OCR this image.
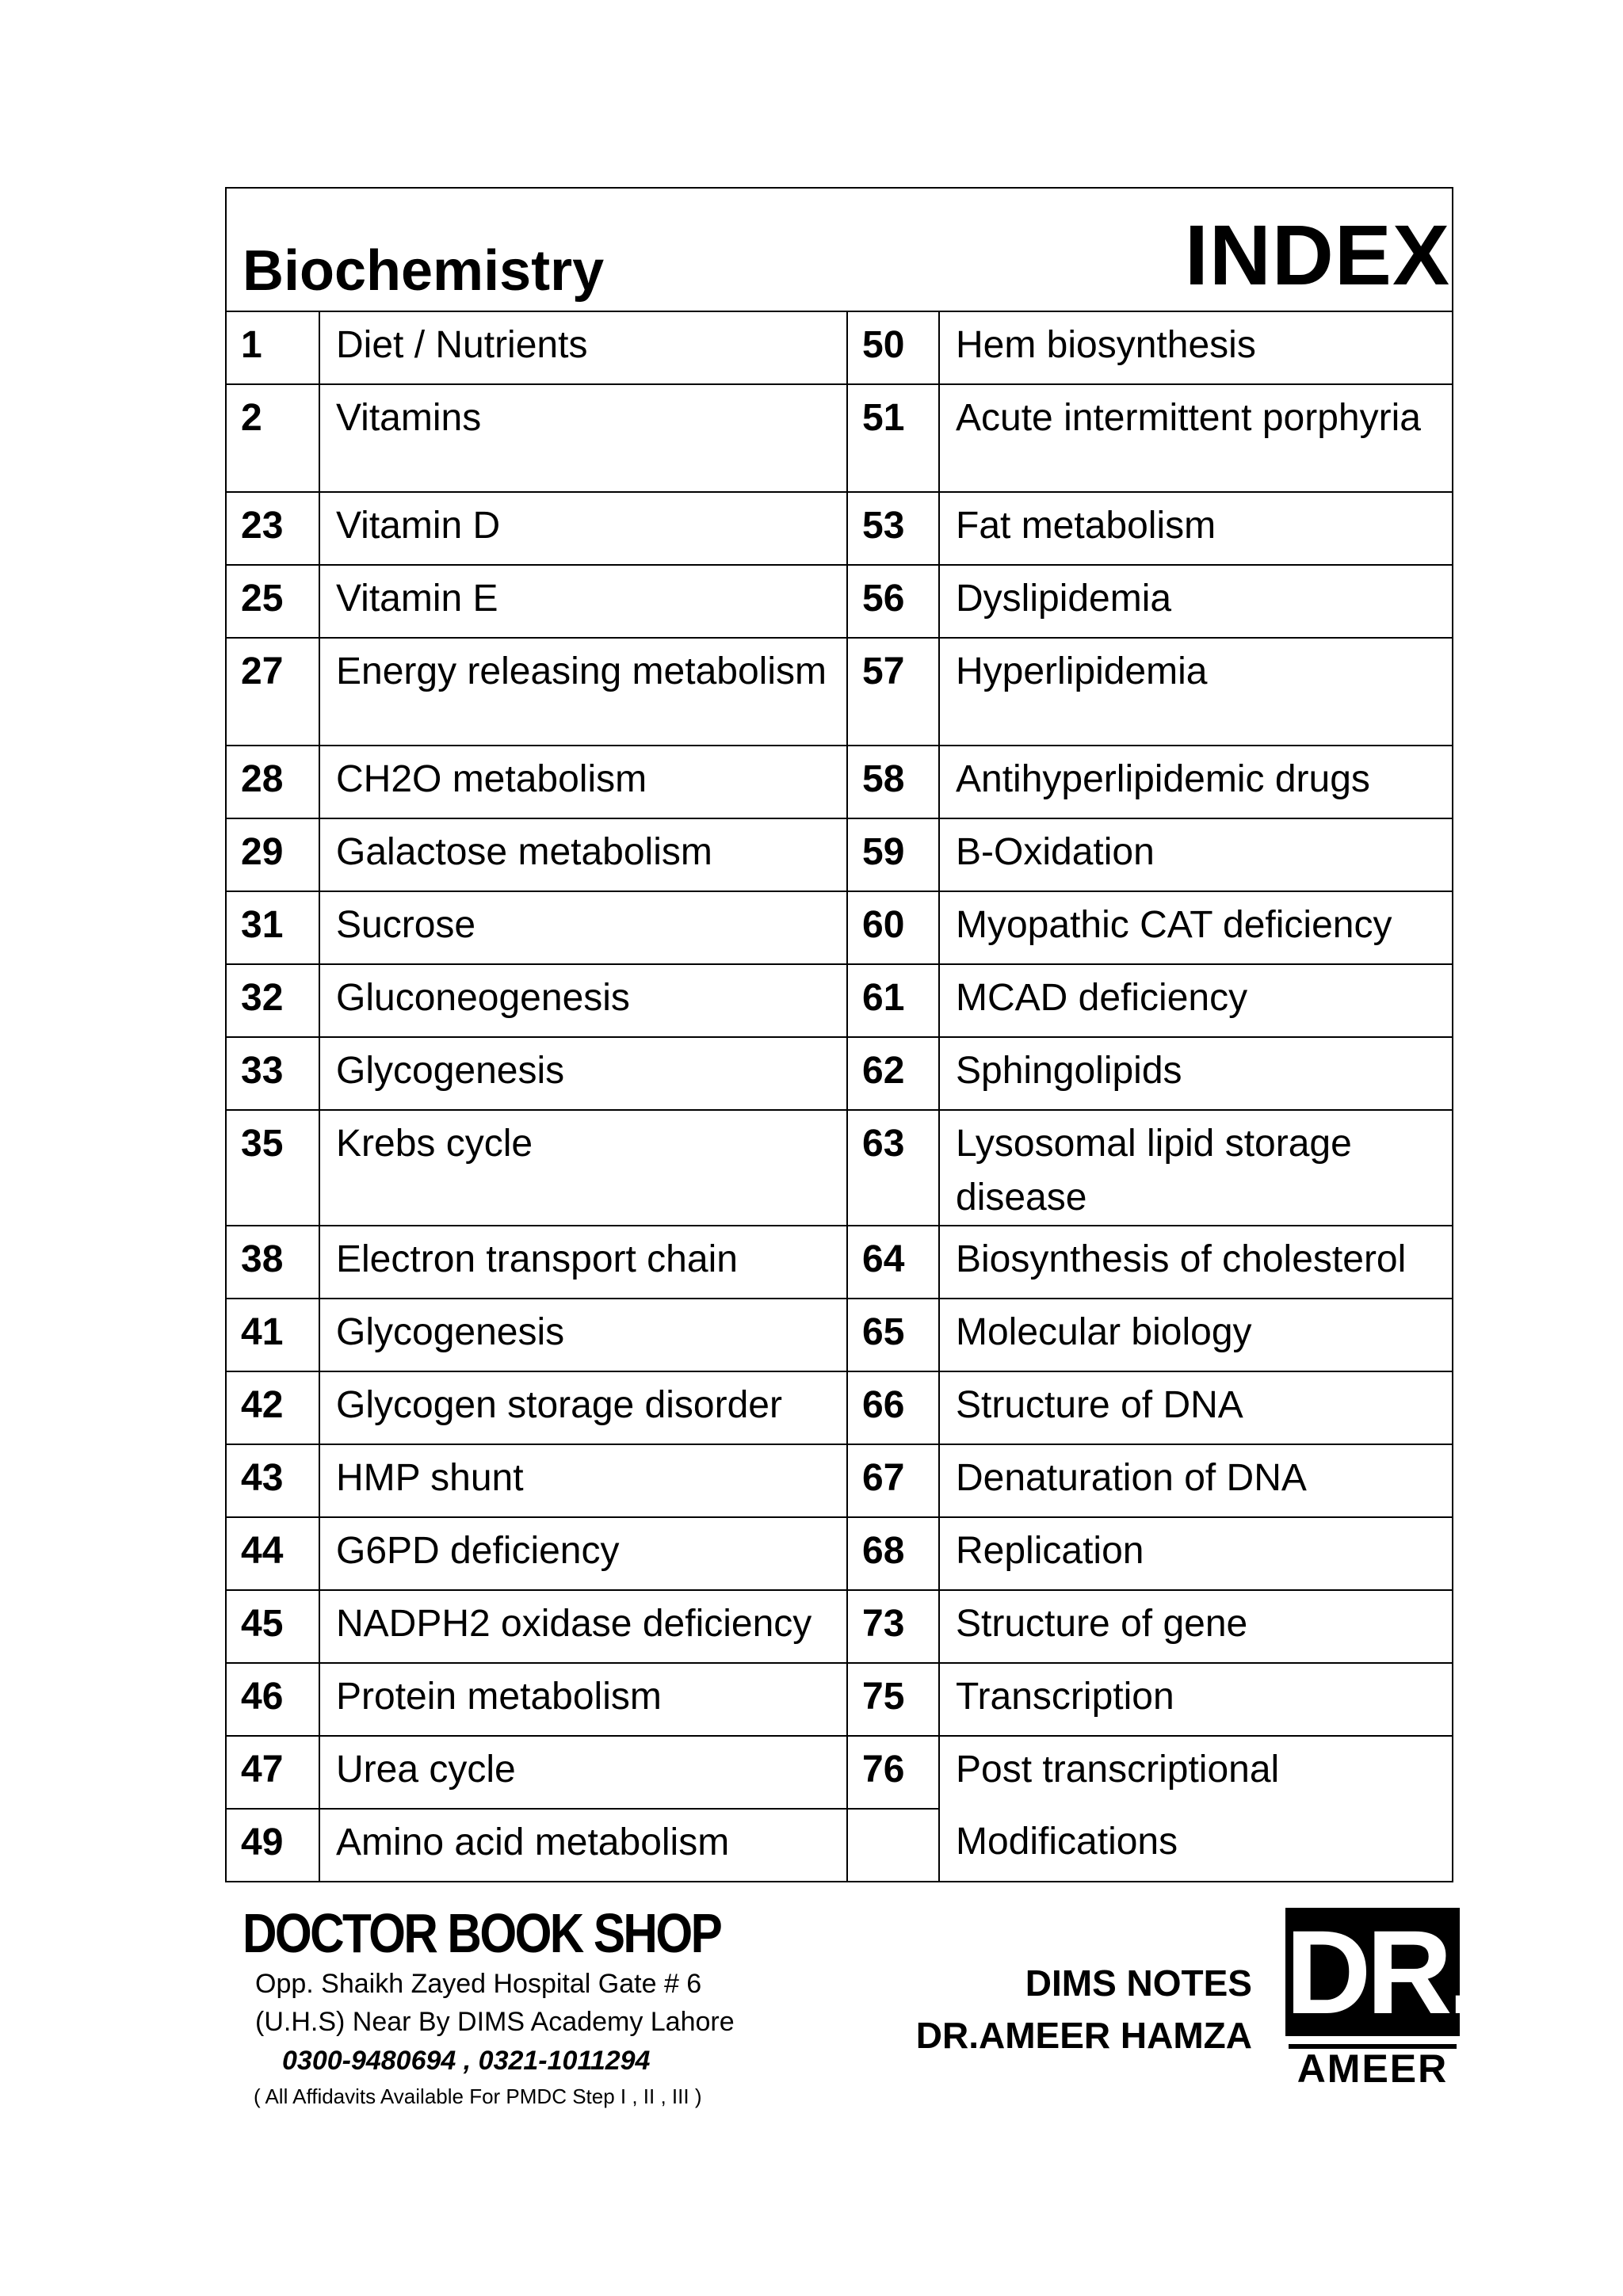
Biochemistry INDEX			

1	Diet / Nutrients	50	Hem biosynthesis
2	Vitamins	51	Acute intermittent porphyria
23	Vitamin D	53	Fat metabolism
25	Vitamin E	56	Dyslipidemia
27	Energy releasing metabolism	57	Hyperlipidemia
28	CH2O metabolism	58	Antihyperlipidemic drugs
29	Galactose metabolism	59	B-Oxidation
31	Sucrose	60	Myopathic CAT deficiency
32	Gluconeogenesis	61	MCAD deficiency
33	Glycogenesis	62	Sphingolipids
35	Krebs cycle	63	Lysosomal lipid storage disease
38	Electron transport chain	64	Biosynthesis of cholesterol
41	Glycogenesis	65	Molecular biology
42	Glycogen storage disorder	66	Structure of DNA
43	HMP shunt	67	Denaturation of DNA
44	G6PD deficiency	68	Replication
45	NADPH2 oxidase deficiency	73	Structure of gene
46	Protein metabolism	75	Transcription
47	Urea cycle	76	Post transcriptional
49	Amino acid metabolism		Modifications
DOCTOR BOOK SHOP
Opp. Shaikh Zayed Hospital Gate # 6
(U.H.S) Near By DIMS Academy Lahore
0300-9480694 , 0321-1011294
( All Affidavits Available For PMDC Step I , II , III )
DIMS NOTES
DR.AMEER HAMZA DR.
AMEER
